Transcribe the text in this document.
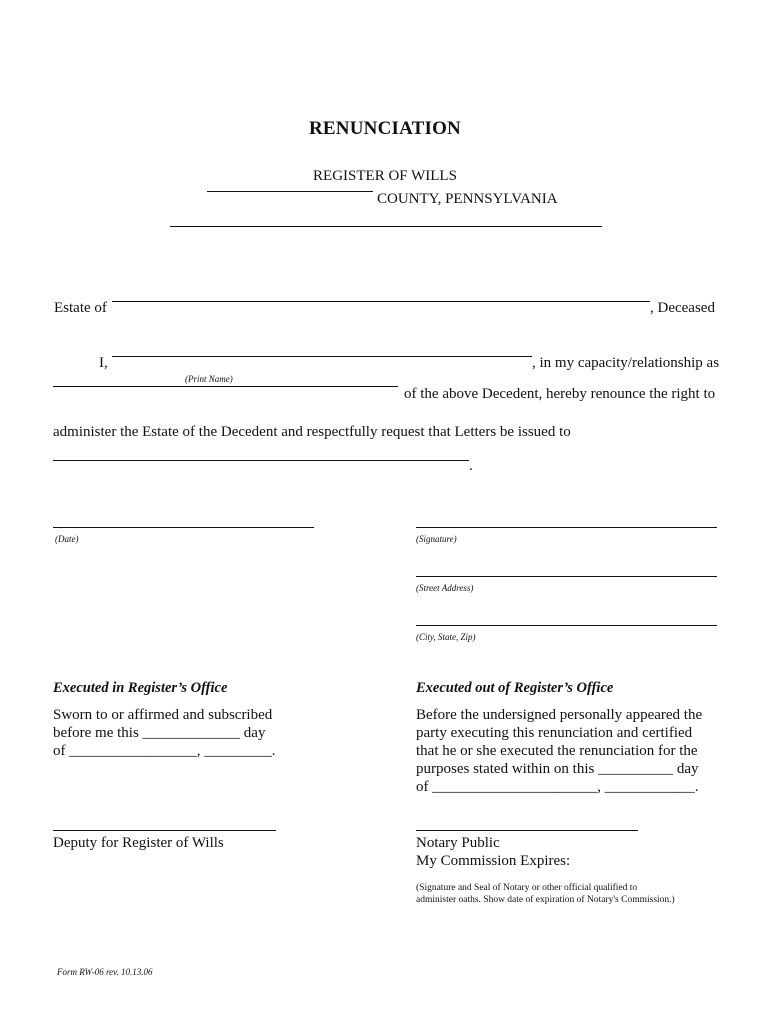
RENUNCIATION
REGISTER OF WILLS
COUNTY, PENNSYLVANIA
Estate of	, Deceased
I,	, in my capacity/relationship as
(Print Name)
of the above Decedent, hereby renounce the right to
administer the Estate of the Decedent and respectfully request that Letters be issued to
.
(Date)	(Signature)
(Street Address)
(City, State, Zip)
Executed in Register’s Office
Sworn to or affirmed and subscribed
before me this _____________ day
of _________________, _________.
Deputy for Register of Wills
Executed out of Register’s Office
Before the undersigned personally appeared the
party executing this renunciation and certified
that he or she executed the renunciation for the
purposes stated within on this __________ day
of ______________________, ____________.
Notary Public
My Commission Expires:
(Signature and Seal of Notary or other official qualified to
administer oaths. Show date of expiration of Notary's Commission.)
Form RW-06 rev. 10.13.06
